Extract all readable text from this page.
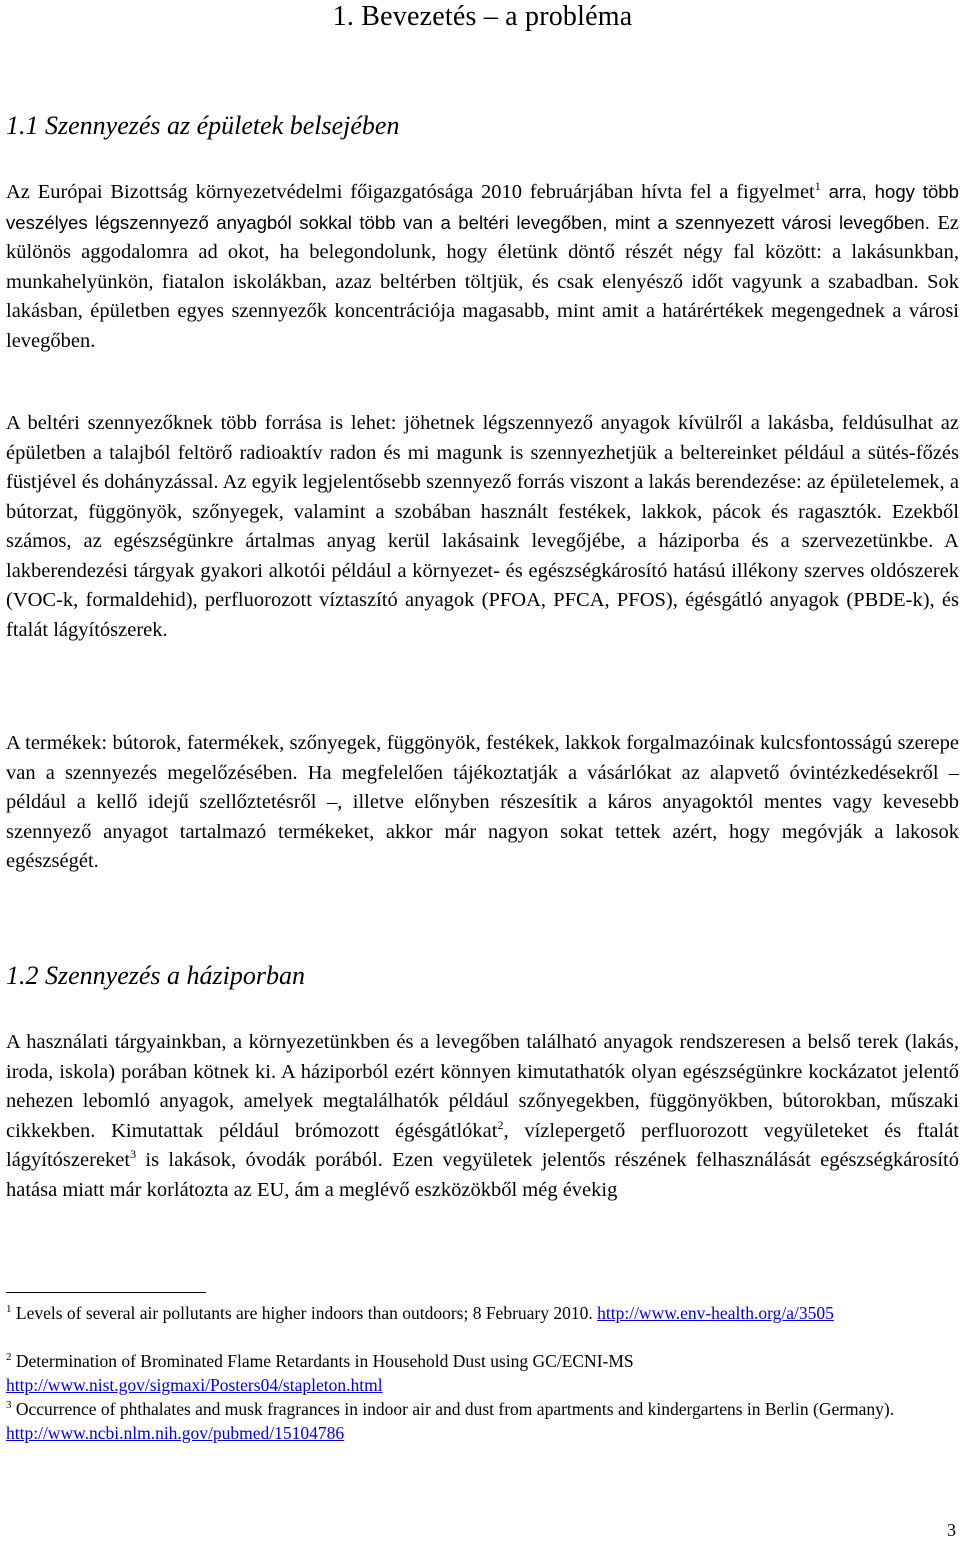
1. Bevezetés – a probléma
1.1 Szennyezés az épületek belsejében

Az Európai Bizottság környezetvédelmi főigazgatósága 2010 februárjában hívta fel a figyelmet$^1$ arra, hogy több veszélyes légszennyező anyagból sokkal több van a beltéri levegőben, mint a szennyezett városi levegőben. Ez különös aggodalomra ad okot, ha belegondolunk, hogy életünk döntő részét négy fal között: a lakásunkban, munkahelyünkön, fiatalon iskolákban, azaz beltérben töltjük, és csak elenyésző időt vagyunk a szabadban. Sok lakásban, épületben egyes szennyezők koncentrációja magasabb, mint amit a határértékek megengednek a városi levegőben.

A beltéri szennyezőknek több forrása is lehet: jöhetnek légszennyező anyagok kívülről a lakásba, feldúsulhat az épületben a talajból feltörő radioaktív radon és mi magunk is szennyezhetjük a beltereinket például a sütés-főzés füstjével és dohányzással. Az egyik legjelentősebb szennyező forrás viszont a lakás berendezése: az épületelemek, a bútorzat, függönyök, szőnyegek, valamint a szobában használt festékek, lakkok, pácok és ragasztók. Ezekből számos, az egészségünkre ártalmas anyag kerül lakásaink levegőjébe, a háziporba és a szervezetünkbe. A lakberendezési tárgyak gyakori alkotói például a környezet- és egészségkárosító hatású illékony szerves oldószerek (VOC-k, formaldehid), perfluorozott víztaszító anyagok (PFOA, PFCA, PFOS), égésgátló anyagok (PBDE-k), és ftalát lágyítószerek.

A termékek: bútorok, fatermékek, szőnyegek, függönyök, festékek, lakkok forgalmazóinak kulcsfontosságú szerepe van a szennyezés megelőzésében. Ha megfelelően tájékoztatják a vásárlókat az alapvető óvintézkedésekről – például a kellő idejű szellőztetésről –, illetve előnyben részesítik a káros anyagoktól mentes vagy kevesebb szennyező anyagot tartalmazó termékeket, akkor már nagyon sokat tettek azért, hogy megóvják a lakosok egészségét.

1.2 Szennyezés a háziporban

A használati tárgyainkban, a környezetünkben és a levegőben található anyagok rendszeresen a belső terek (lakás, iroda, iskola) porában kötnek ki. A háziporból ezért könnyen kimutathatók olyan egészségünkre kockázatot jelentő nehezen lebomló anyagok, amelyek megtalálhatók például szőnyegekben, függönyökben, bútorokban, műszaki cikkekben. Kimutattak például brómozott égésgátlókat$^2$, vízlepergető perfluorozott vegyületeket és ftalát lágyítószereket$^3$ is lakások, óvodák porából. Ezen vegyületek jelentős részének felhasználását egészségkárosító hatása miatt már korlátozta az EU, ám a meglévő eszközökből még évekig

$^1$ Levels of several air pollutants are higher indoors than outdoors; 8 February 2010. http://www.env-health.org/a/3505

$^2$ Determination of Brominated Flame Retardants in Household Dust using GC/ECNI-MS
http://www.nist.gov/sigmaxi/Posters04/stapleton.html

$^3$ Occurrence of phthalates and musk fragrances in indoor air and dust from apartments and kindergartens in Berlin (Germany).
http://www.ncbi.nlm.nih.gov/pubmed/15104786

3
